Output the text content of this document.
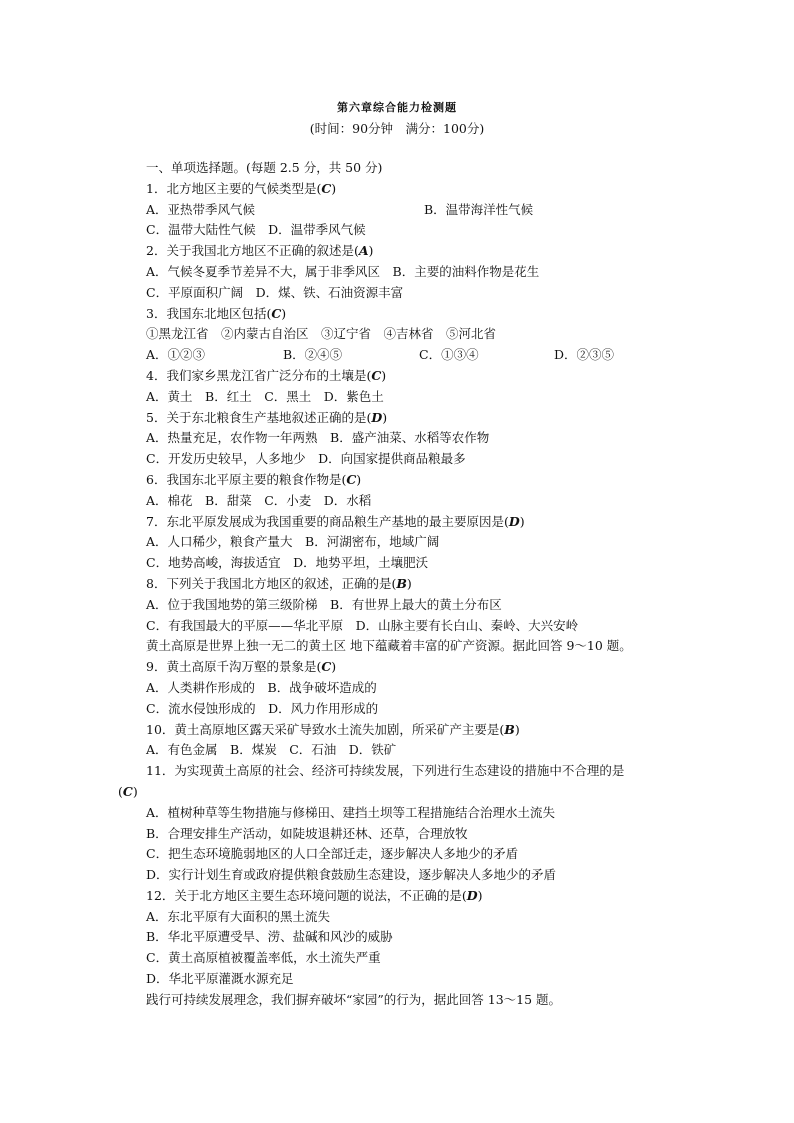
第六章综合能力检测题
(时间：90分钟　满分：100分)
一、单项选择题。(每题 2.5 分，共 50 分)
1．北方地区主要的气候类型是(C)
A．亚热带季风气候	B．温带海洋性气候
C．温带大陆性气候　D．温带季风气候
2．关于我国北方地区不正确的叙述是(A)
A．气候冬夏季节差异不大，属于非季风区　B．主要的油料作物是花生
C．平原面积广阔　D．煤、铁、石油资源丰富
3．我国东北地区包括(C)
①黑龙江省　②内蒙古自治区　③辽宁省　④吉林省　⑤河北省
A．①②③	B．②④⑤	C．①③④	D．②③⑤
4．我们家乡黑龙江省广泛分布的土壤是(C)
A．黄土　B．红土　C．黑土　D．紫色土
5．关于东北粮食生产基地叙述正确的是(D)
A．热量充足，农作物一年两熟　B．盛产油菜、水稻等农作物
C．开发历史较早，人多地少　D．向国家提供商品粮最多
6．我国东北平原主要的粮食作物是(C)
A．棉花　B．甜菜　C．小麦　D．水稻
7．东北平原发展成为我国重要的商品粮生产基地的最主要原因是(D)
A．人口稀少，粮食产量大　B．河湖密布，地域广阔
C．地势高峻，海拔适宜　D．地势平坦，土壤肥沃
8．下列关于我国北方地区的叙述，正确的是(B)
A．位于我国地势的第三级阶梯　B．有世界上最大的黄土分布区
C．有我国最大的平原——华北平原　D．山脉主要有长白山、秦岭、大兴安岭
黄土高原是世界上独一无二的黄土区 地下蕴藏着丰富的矿产资源。据此回答 9～10 题。
9．黄土高原千沟万壑的景象是(C)
A．人类耕作形成的　B．战争破坏造成的
C．流水侵蚀形成的　D．风力作用形成的
10．黄土高原地区露天采矿导致水土流失加剧，所采矿产主要是(B)
A．有色金属　B．煤炭　C．石油　D．铁矿
11．为实现黄土高原的社会、经济可持续发展，下列进行生态建设的措施中不合理的是
(C)
A．植树种草等生物措施与修梯田、建挡土坝等工程措施结合治理水土流失
B．合理安排生产活动，如陡坡退耕还林、还草，合理放牧
C．把生态环境脆弱地区的人口全部迁走，逐步解决人多地少的矛盾
D．实行计划生育或政府提供粮食鼓励生态建设，逐步解决人多地少的矛盾
12．关于北方地区主要生态环境问题的说法，不正确的是(D)
A．东北平原有大面积的黑土流失
B．华北平原遭受旱、涝、盐碱和风沙的威胁
C．黄土高原植被覆盖率低，水土流失严重
D．华北平原灌溉水源充足
践行可持续发展理念，我们摒弃破坏“家园”的行为，据此回答 13～15 题。
